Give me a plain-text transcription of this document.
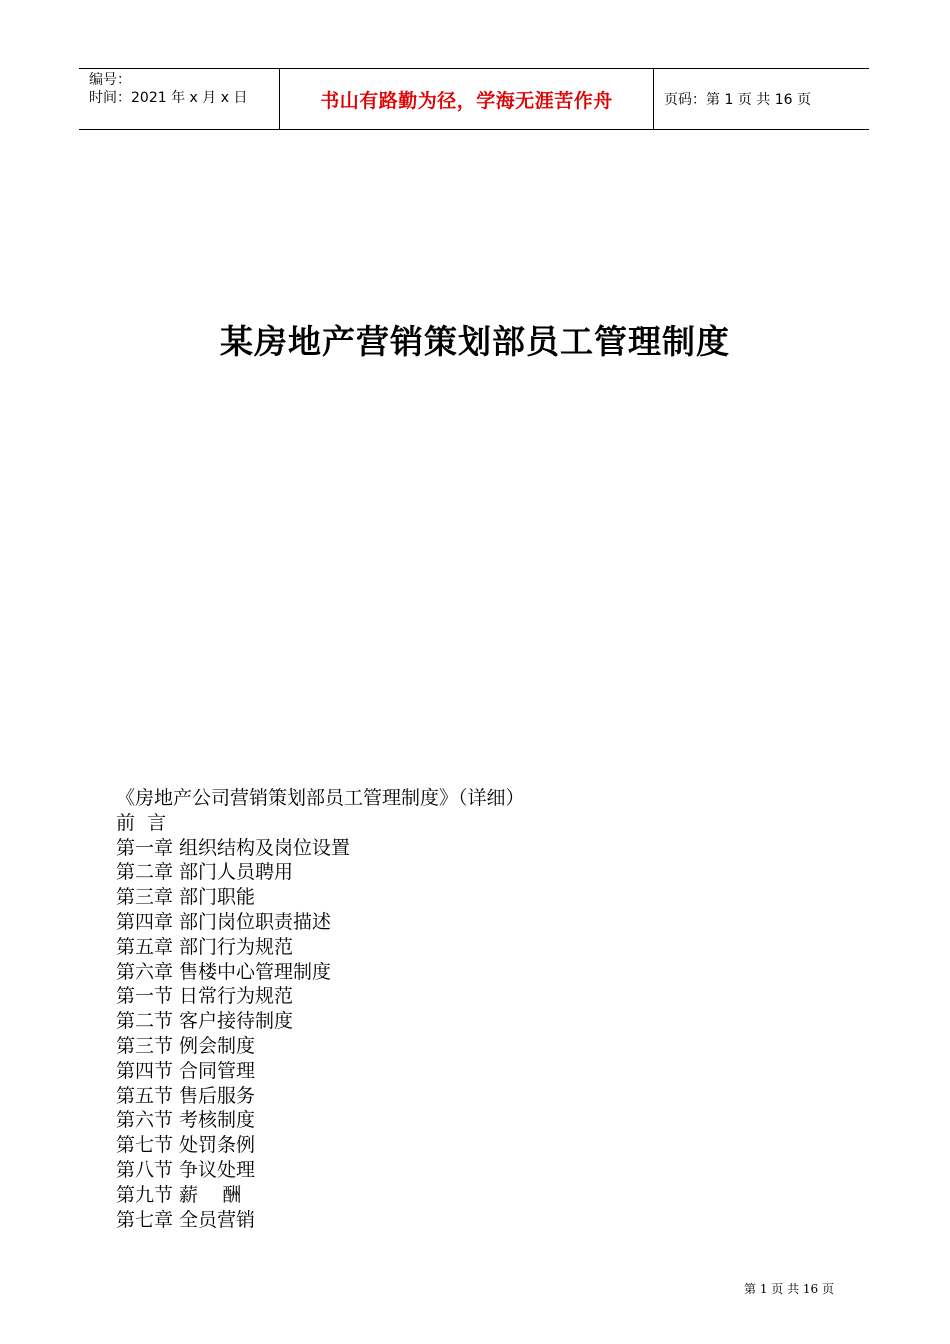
编号：
时间：2021 年 x 月 x 日	书山有路勤为径，学海无涯苦作舟	页码：第 1 页 共 16 页
某房地产营销策划部员工管理制度
《房地产公司营销策划部员工管理制度》（详细）
前  言
第一章 组织结构及岗位设置
第二章 部门人员聘用
第三章 部门职能
第四章 部门岗位职责描述
第五章 部门行为规范
第六章 售楼中心管理制度
第一节 日常行为规范
第二节 客户接待制度
第三节 例会制度
第四节 合同管理
第五节 售后服务
第六节 考核制度
第七节 处罚条例
第八节 争议处理
第九节 薪    酬
第七章 全员营销
第 1 页 共 16 页
